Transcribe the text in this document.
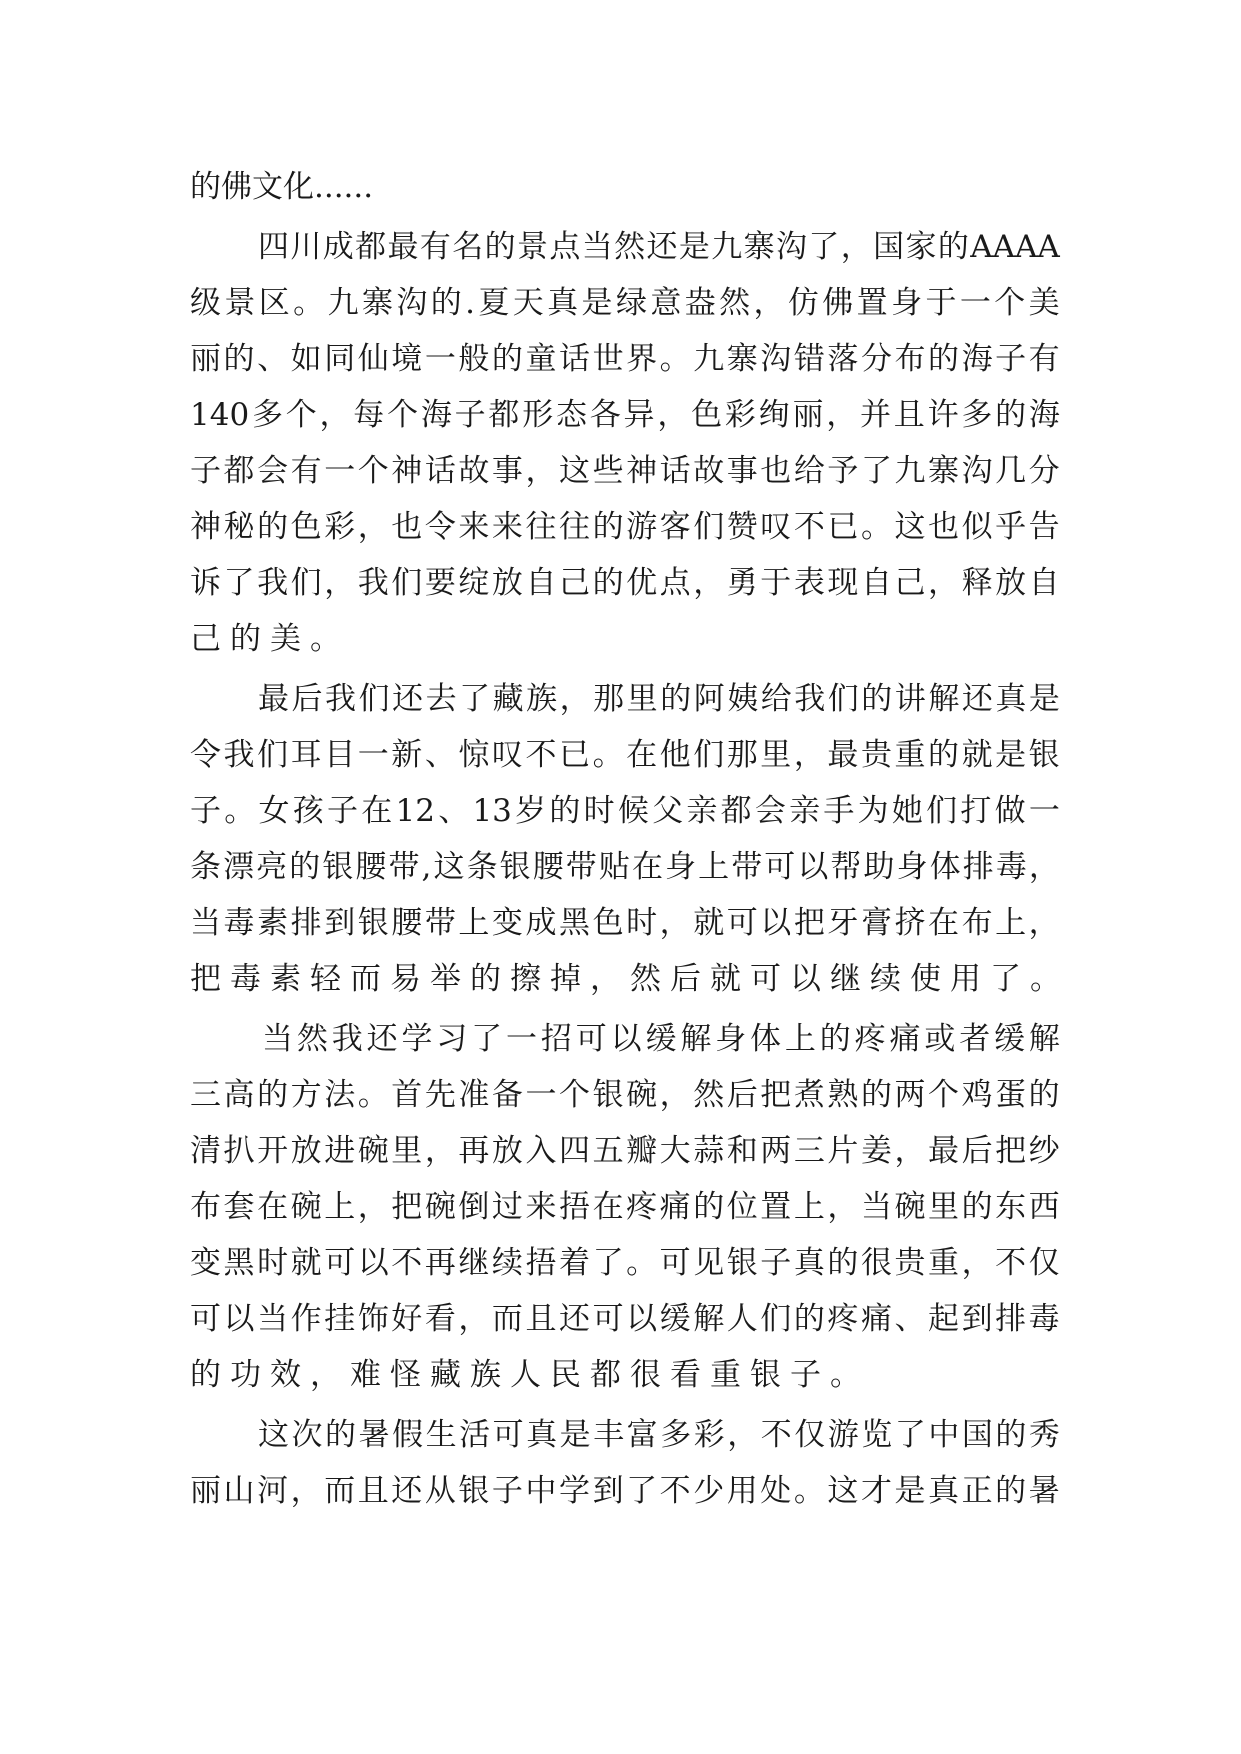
的佛文化......
四 川 成 都 最 有 名 的 景 点 当 然 还 是 九 寨 沟 了 ， 国 家 的 AAAA
级 景 区 。 九 寨 沟 的 . 夏 天 真 是 绿 意 盎 然 ， 仿 佛 置 身 于 一 个 美
丽 的 、 如 同 仙 境 一 般 的 童 话 世 界 。 九 寨 沟 错 落 分 布 的 海 子 有
140 多 个 ， 每 个 海 子 都 形 态 各 异 ， 色 彩 绚 丽 ， 并 且 许 多 的 海
子 都 会 有 一 个 神 话 故 事 ， 这 些 神 话 故 事 也 给 予 了 九 寨 沟 几 分
神 秘 的 色 彩 ， 也 令 来 来 往 往 的 游 客 们 赞 叹 不 已 。 这 也 似 乎 告
诉 了 我 们 ， 我 们 要 绽 放 自 己 的 优 点 ， 勇 于 表 现 自 己 ， 释 放 自
己的美。
最 后 我 们 还 去 了 藏 族 ， 那 里 的 阿 姨 给 我 们 的 讲 解 还 真 是
令 我 们 耳 目 一 新 、 惊 叹 不 已 。 在 他 们 那 里 ， 最 贵 重 的 就 是 银
子 。 女 孩 子 在 12 、 13 岁 的 时 候 父 亲 都 会 亲 手 为 她 们 打 做 一
条 漂 亮 的 银 腰 带 , 这 条 银 腰 带 贴 在 身 上 带 可 以 帮 助 身 体 排 毒 ，
当 毒 素 排 到 银 腰 带 上 变 成 黑 色 时 ， 就 可 以 把 牙 膏 挤 在 布 上 ，
把毒素轻而易举的擦掉，然后就可以继续使用了。
当 然 我 还 学 习 了 一 招 可 以 缓 解 身 体 上 的 疼 痛 或 者 缓 解
三 高 的 方 法 。 首 先 准 备 一 个 银 碗 ， 然 后 把 煮 熟 的 两 个 鸡 蛋 的
清 扒 开 放 进 碗 里 ， 再 放 入 四 五 瓣 大 蒜 和 两 三 片 姜 ， 最 后 把 纱
布 套 在 碗 上 ， 把 碗 倒 过 来 捂 在 疼 痛 的 位 置 上 ， 当 碗 里 的 东 西
变 黑 时 就 可 以 不 再 继 续 捂 着 了 。 可 见 银 子 真 的 很 贵 重 ， 不 仅
可 以 当 作 挂 饰 好 看 ， 而 且 还 可 以 缓 解 人 们 的 疼 痛 、 起 到 排 毒
的功效，难怪藏族人民都很看重银子。
这 次 的 暑 假 生 活 可 真 是 丰 富 多 彩 ， 不 仅 游 览 了 中 国 的 秀
丽 山 河 ， 而 且 还 从 银 子 中 学 到 了 不 少 用 处 。 这 才 是 真 正 的 暑
